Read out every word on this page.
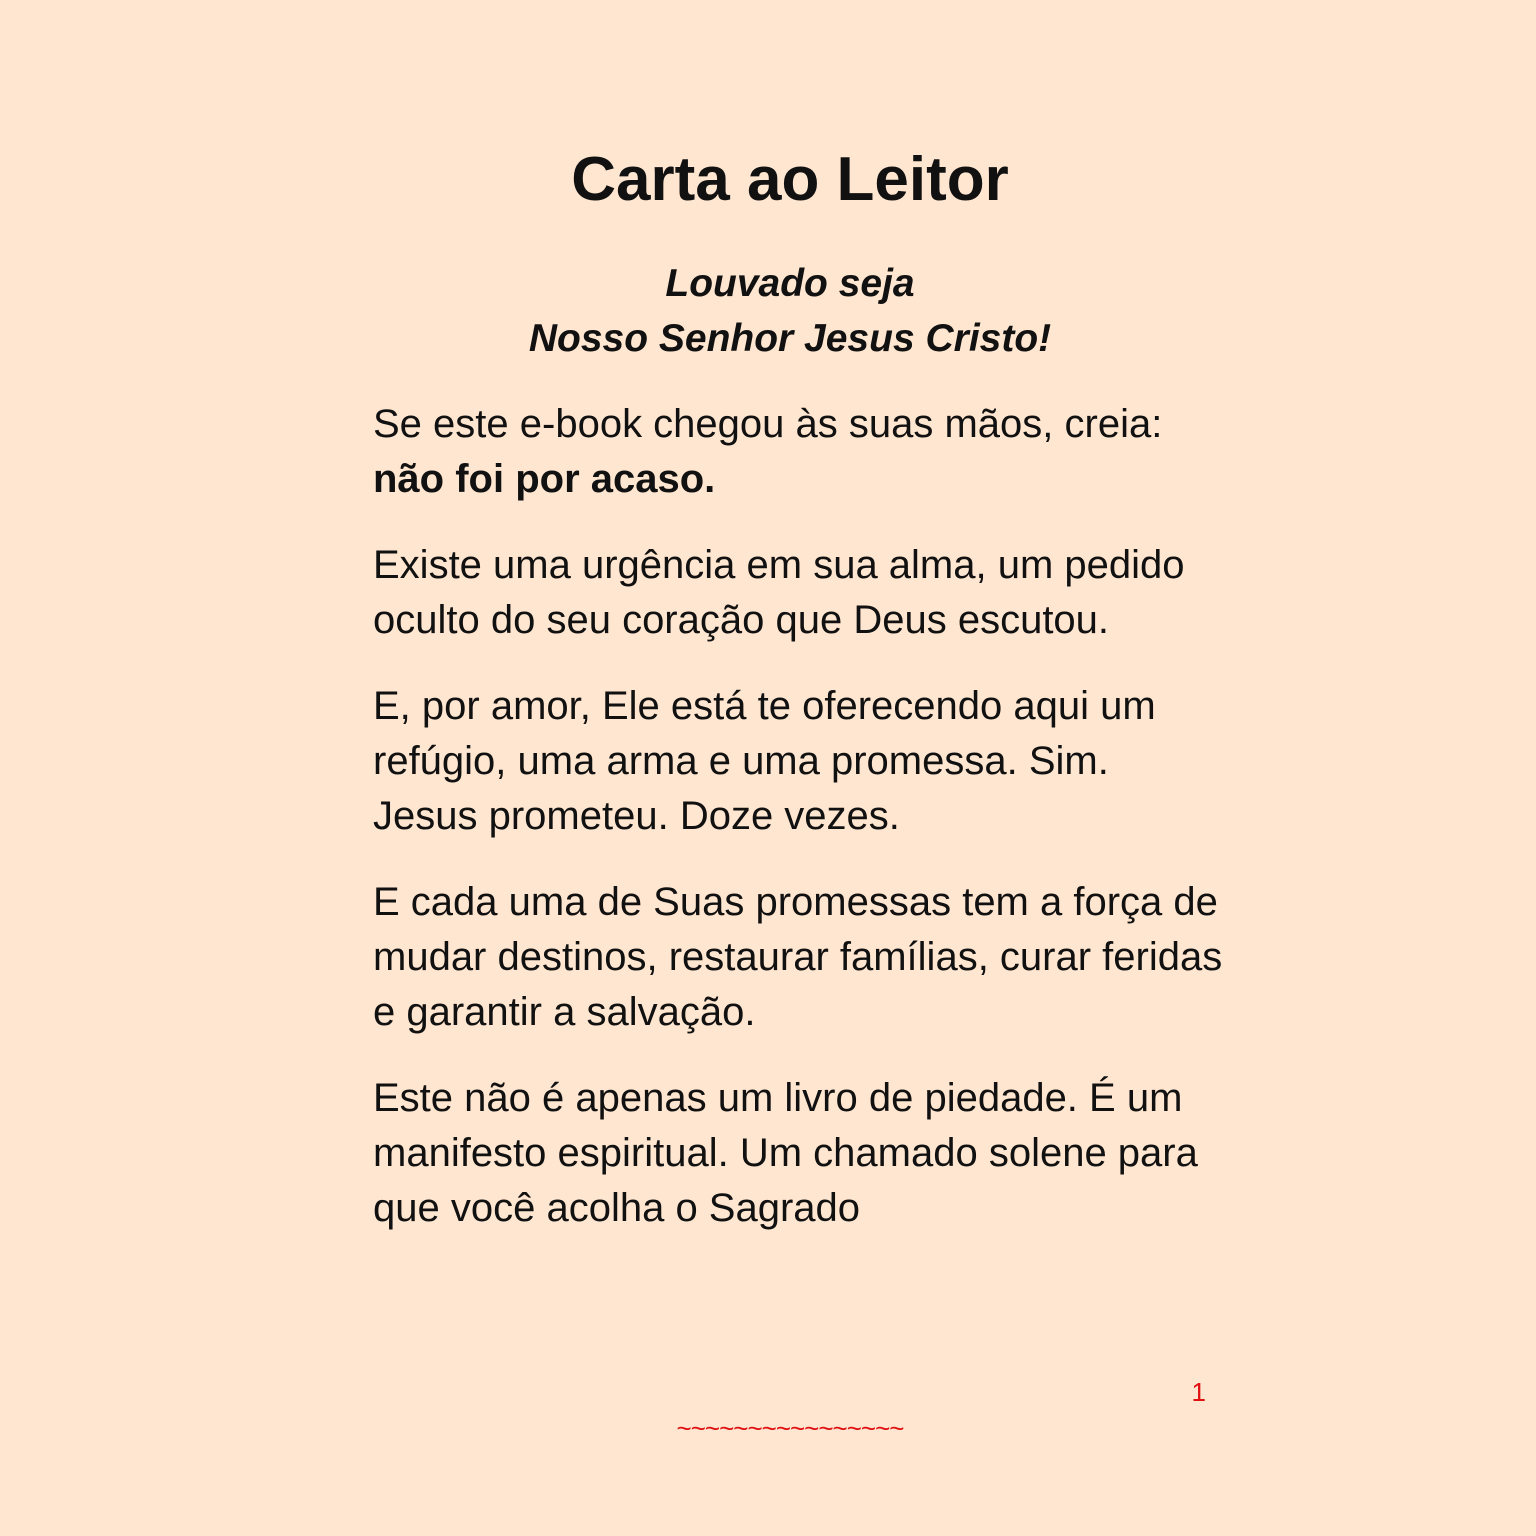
Carta ao Leitor
Louvado seja
Nosso Senhor Jesus Cristo!

Se este e-book chegou às suas mãos, creia:
não foi por acaso.

Existe uma urgência em sua alma, um pedido oculto do seu coração que Deus escutou.

E, por amor, Ele está te oferecendo aqui um refúgio, uma arma e uma promessa. Sim. Jesus prometeu. Doze vezes.

E cada uma de Suas promessas tem a força de mudar destinos, restaurar famílias, curar feridas e garantir a salvação.

Este não é apenas um livro de piedade. É um manifesto espiritual. Um chamado solene para que você acolha o Sagrado

1
~~~~~~~~~~~~~~~~
